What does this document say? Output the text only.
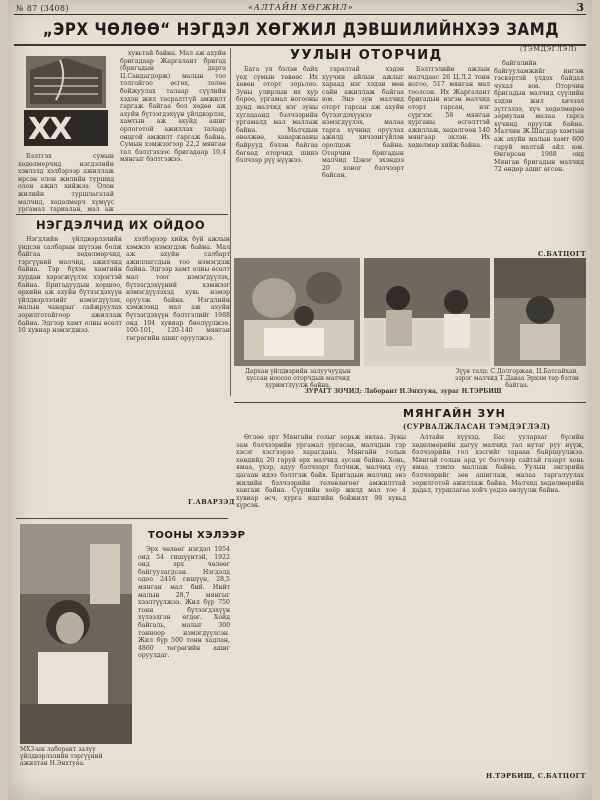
№ 87 (3408)	«АЛТАЙН ХӨГЖИЛ»	3
„ЭРХ ЧӨЛӨӨ“ НЭГДЭЛ ХӨГЖИЛ ДЭВШИЛИЙНХЭЭ ЗАМД
XX

Бэлтгэх сумын хөдөлмөрчид нэгдэлийн хэвлэлд хэлбэрээр ажиллаж ирсэн олон жилийн туршид олон ажил хийжээ. Олон жилийн туршлагатай малчид, хөдөлмөрч хүмүүс ургамал тариалан, мал аж

хувьтай байна. Мал аж ахуйн бригадаар Жаргалант бригад (бригадын дарга Ц.Сандагдорж) малын тоо толгойгоо өсгөх, төлөө бойжуулах талаар сүүлийн хэдэн жил тасралтгүй амжилт гаргаж байгаа бол хөдөө аж ахуйн бүтээгдэхүүн үйлдвэрлэх, хамтын аж ахуйд ашиг орлоготой ажиллах талаар онцгой амжилт гаргаж байна. Сумын хэмжээгээр 22,2 мянган тал бэлтгэхээс бригадаар 10,4 мянгыг бэлтгэжээ.

УУЛЫН ОТОРЧИД	(ТЭМДЭГЛЭЛ)

Бага уя бэлэн байх үед сүмын төвөөс Их хөвөн оторт зорьлоо. Зуны улирлын их хур бороо, ургамал ногооны дунд малчид нэг зуны хугацаанд бэлчээрийн ургамалд мал маллаж байна. Малчдын өвөлжөө, хаваржааны байрууд бэлэн байгаа бөгөөд оторчид шинэ бэлчээр рүү нүүжээ.

гаралтай хэдэн хуучин айлын ажлыг хараад нэг хэдэн мөн сайн ажиллаж байгаа юм. Энэ зун малчид оторт гарсан аж ахуйн бүтээгдэхүүнээ нэмэгдүүлэх, малаа тарга хүчинд оруулах ажилд хичээнгүйлэн оролцож байна. Оторчин бригадын малчид Цэвэг эхэндээ 20 хоног бэлчээрт байсан.

Бэлтгэлийн ажлын малчдаас 26 Ц.Л.2 тонн ногоо, 517 мянган мал тоолсон. Их Жаргалант бригадын нэгэн малчид оторт гарсан, нэг сүргээс 58 мянган хурганы өсгөлттэй ажиллаж, хөдөлгөөн 140 мянгаар эхлэн. Их хөдөлмөр хийж байна.

байгалийн байгууламжийг ингэж тэсвэртэй үлдэх байдал чухал юм. Оторчин бригадын малчид сүүлийн хэдэн жил хичээл зүтгэлээ, хүч хөдөлмөрөө зориулан малаа тарга хүчинд оруулж байна. Малчин Ж.Шагдар хамтын аж ахуйн малын хамт 600 гаруй малтай айл юм. Өнгөрсөн 1988 онд Мянган бригадын малчид 72 өндөр ашиг өгсөн.

С.БАТЦОГТ
Дархан үйлдвэрийн залуучуудын хуссан ноосоо оторчдын малчид хуримтлуулж байна.
Зүүн талд: С.Долгоржав, Ц.Батсайхан, зэрэг малчид Т.Даваа Эрхэм төр бэлэн байгаа.
ЗУРАГТ ЗОЧИД: Лаборант Н.Энхтуяа, зураг Н.ТЭРБИШ
НЭГДЭЛЧИД ИХ ОЙДОО

Нэгдлийн үйлдвэрлэлийн үндсэн салбарын шүтээн болж байгаа хөдөлмөрчид, тэргүүний малчид, ажилчид байна. Тэр бүхэн хамгийн хурдан хэрэгжүүлэх хэрэгтэй байна. Бригадуудын хоршоо, өрхийн аж ахуйн бүтээгдэхүүн үйлдвэрлэлийг нэмэгдүүлэх, малын чанарыг сайжруулах зорилготойгоор ажиллаж байна. Эдгээр хамт олны өсөлт 10 хувиар нэмэгджээ.

хэлбэрээр хийж буй ажлын хэмжээ нэмэгдэж байна. Мал аж ахуйн салбарт ажиллагсдын тоо нэмэгдэж байна. Эдгээр хамт олны өсөлт мал тоог нэмэгдүүлэх, бүтээгдэхүүний хэмжээг нэмэгдүүлэхэд хувь нэмэр оруулж байна. Нэгдлийн хэмжээнд мал аж ахуйн бүтээгдэхүүн бэлтгэлийг 1988 онд 104 хувиар биелүүлжээ. 100-101, 120-140 мянган төгрөгийн ашиг оруулжээ.

Г.АВАРЗЭД
МХЗ-ын лаборант залуу үйлдвэрлэлийн тэргүүний ажилтан Н.Энхтуяа.
ТООНЫ ХЭЛЭЭР

Эрх чөлөөг нэгдэл 1954 онд 54 гишүүнтэй, 1922 онд эрх чөлөөг байгуулагдсан. Нэгдэлд одоо 2416 гишүүн, 28,5 мянган мал бий. Нийт малын 28,7 мянгыг хээлтүүлжээ. Жил бүр 750 тонн бүтээгдэхүүн хүлээлгэн өгдөг. Хойд байгаль, малыг 300 тонноор нэмэгдүүлсэн. Жил бүр 500 тонн хадлан, 4860 төгрөгийн ашиг оруулдаг.

МЯНГАЙН ЗУН
(СУРВАЛЖЛАСАН ТЭМДЭГЛЭЛ)

Өглөө эрт Мянгайн голыг зорьж явлаа. Зуны зам бэлчээрийн ургамал ургасан, малчдын гэр хэсэг хэсгээрээ харагдана. Мянгайн голын хөндийд 20 гаруй өрх малчид зусаж байна. Хонь, ямаа, үхэр, адуу бэлчээрт бэлчиж, малчид сүү цагаан идээ бэлтгэж байв. Бригадын малчид энэ жилийн бэлчээрийн төлөвлөгөөг амжилттай хангаж байна. Сүүлийн хоёр жилд мал тоо 4 хувиар өсч, хурга ишгийн бойжилт 98 хувьд хүрсэн.

Алтайн хүүхэд. Бас уулархаг бүсийн хөдөлмөрийн дагуу малчид тал нутаг руу нүүж, бэлчээрийн гол хэсгийг тараан байршуулжээ. Мянгай голын ард ус бэлчээр сайтай газарт хонь ямаа тэмээ маллаж байна. Уулын энгэрийн бэлчээрийг зөв ашиглаж, малаа таргалуулах зорилготой ажиллаж байна. Малчид хөдөлмөрийн дадал, туршлагаа хойч үедээ өвлүүлж байна.

Н.ТЭРБИШ, С.БАТЦОГТ
